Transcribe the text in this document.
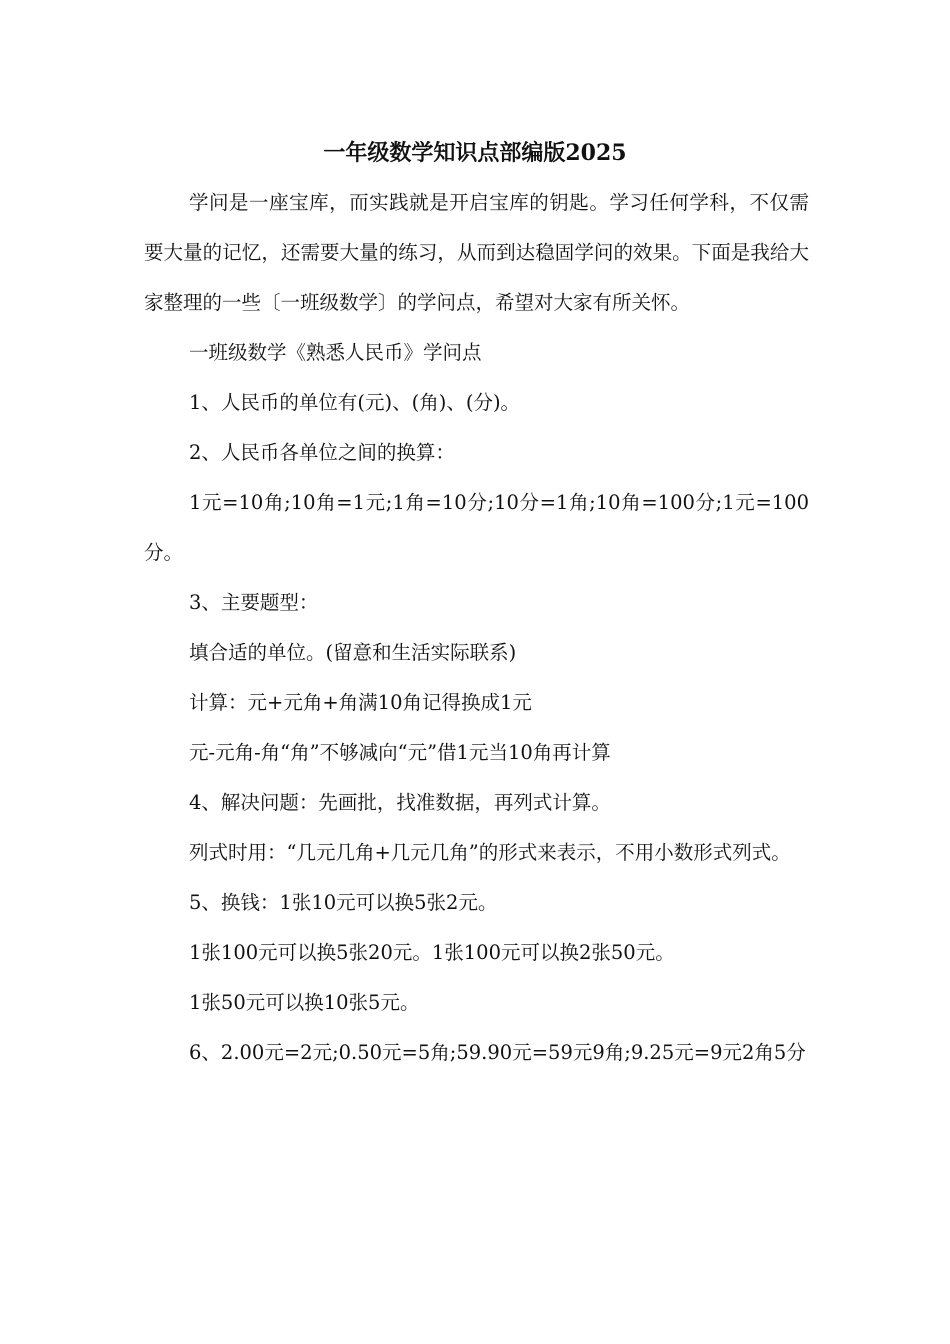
一年级数学知识点部编版2025

学问是一座宝库，而实践就是开启宝库的钥匙。学习任何学科，不仅需要大量的记忆，还需要大量的练习，从而到达稳固学问的效果。下面是我给大家整理的一些〔一班级数学〕的学问点，希望对大家有所关怀。

一班级数学《熟悉人民币》学问点

1、人民币的单位有(元)、(角)、(分)。

2、人民币各单位之间的换算：

1元=10角;10角=1元;1角=10分;10分=1角;10角=100分;1元=100分。

3、主要题型：

填合适的单位。(留意和生活实际联系)

计算：元+元角+角满10角记得换成1元

元-元角-角“角”不够减向“元”借1元当10角再计算

4、解决问题：先画批，找准数据，再列式计算。

列式时用：“几元几角+几元几角”的形式来表示，不用小数形式列式。

5、换钱：1张10元可以换5张2元。

1张100元可以换5张20元。1张100元可以换2张50元。

1张50元可以换10张5元。

6、2.00元=2元;0.50元=5角;59.90元=59元9角;9.25元=9元2角5分
